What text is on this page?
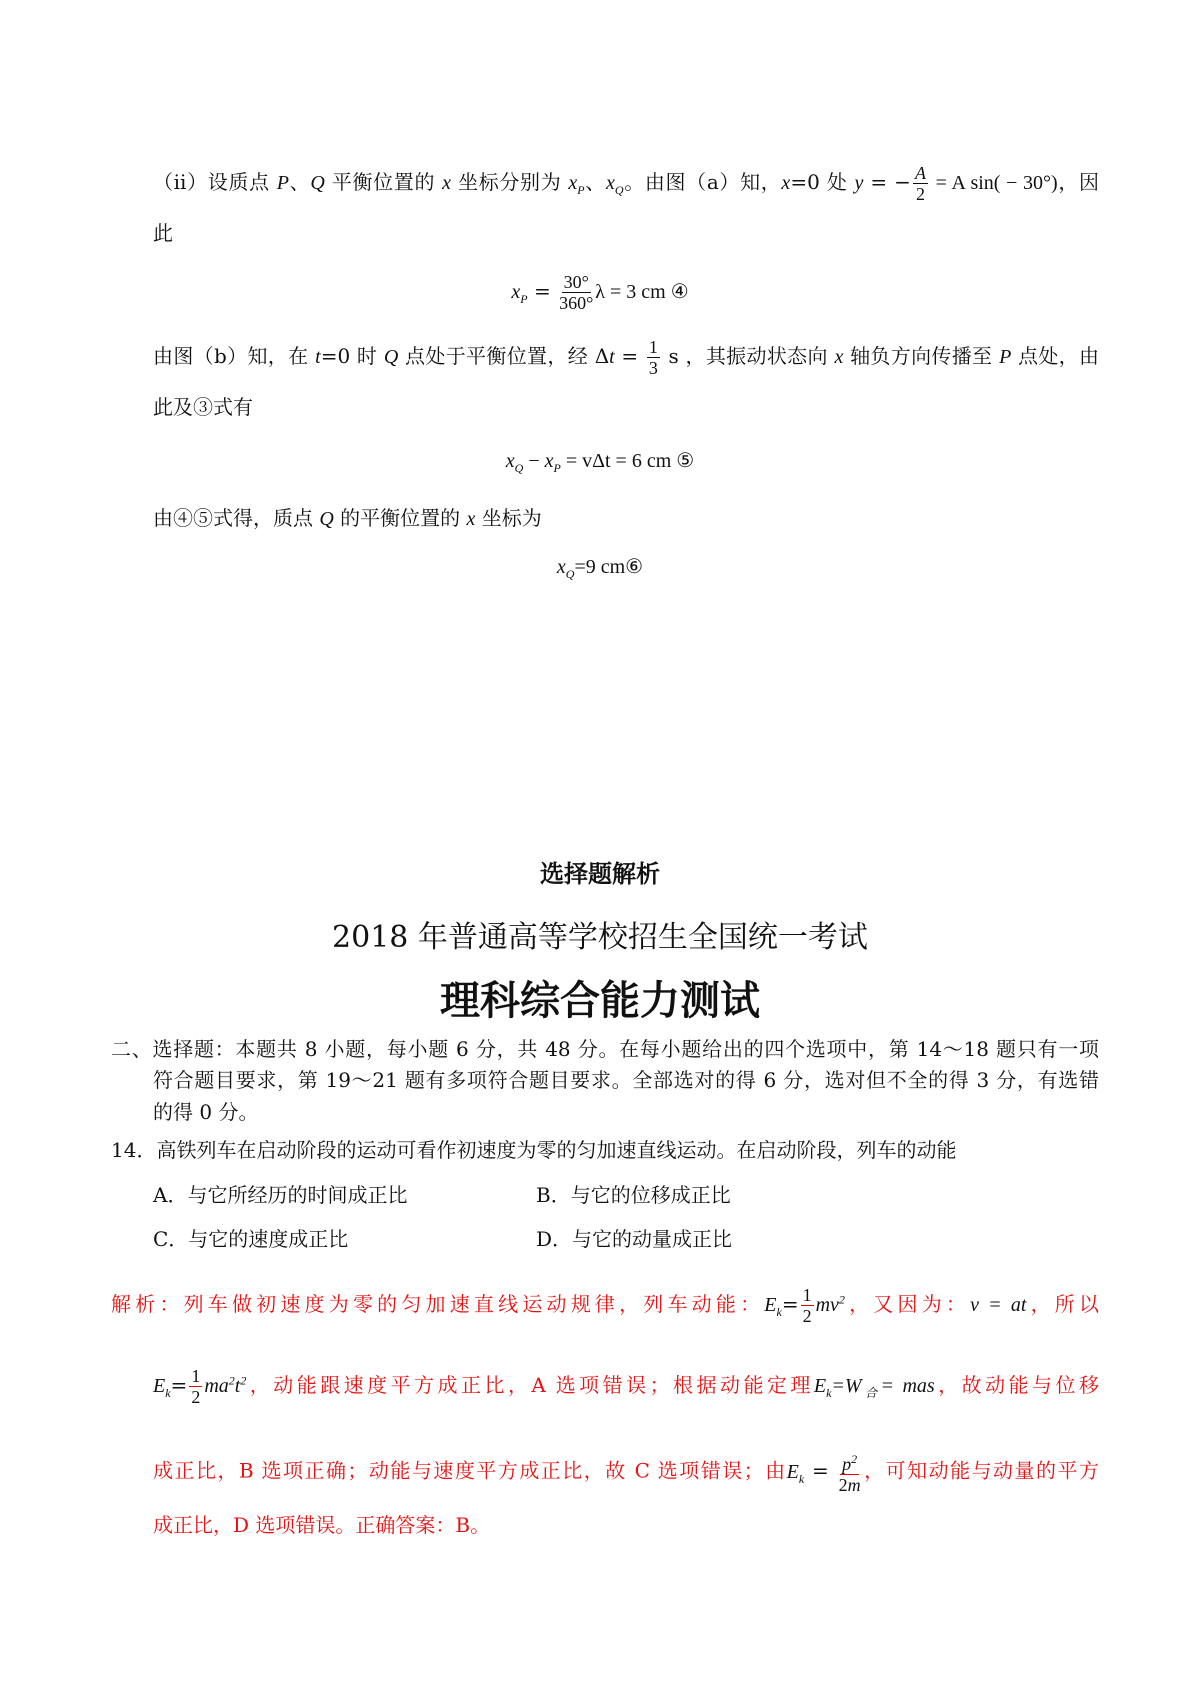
（ii）设质点 P、Q 平衡位置的 x 坐标分别为 $x_P$、$x_Q$。由图（a）知，x=0 处 y = − $\frac{A}{2} = A$ sin( − 30°)，因
此
$x_P = \frac{30^\circ}{360^\circ}$ λ = 3 cm ④
由图（b）知，在 t=0 时 Q 点处于平衡位置，经 $\Delta t = \frac{1}{3}$ s ，其振动状态向 x 轴负方向传播至 P 点处，由
此及③式有
$x_Q - x_P = v\Delta t = 6$ cm ⑤
由④⑤式得，质点 Q 的平衡位置的 x 坐标为
$x_Q=9$ cm⑥
选择题解析
2018 年普通高等学校招生全国统一考试
理科综合能力测试
二、选择题：本题共 8 小题，每小题 6 分，共 48 分。在每小题给出的四个选项中，第 14～18 题只有一项
符合题目要求，第 19～21 题有多项符合题目要求。全部选对的得 6 分，选对但不全的得 3 分，有选错
的得 0 分。
14．高铁列车在启动阶段的运动可看作初速度为零的匀加速直线运动。在启动阶段，列车的动能
A．与它所经历的时间成正比	B．与它的位移成正比
C．与它的速度成正比	D．与它的动量成正比
解析：列车做初速度为零的匀加速直线运动规律，列车动能：$E_k= \frac{1}{2} mv^2$，又因为：v = at，所以
$E_k= \frac{1}{2} ma^2t^2$，动能跟速度平方成正比，A 选项错误；根据动能定理$E_k=W_合=$ mas，故动能与位移
成正比，B 选项正确；动能与速度平方成正比，故 C 选项错误；由$E_k = \frac{p^2}{2m}$ ，可知动能与动量的平方
成正比，D 选项错误。正确答案：B。
